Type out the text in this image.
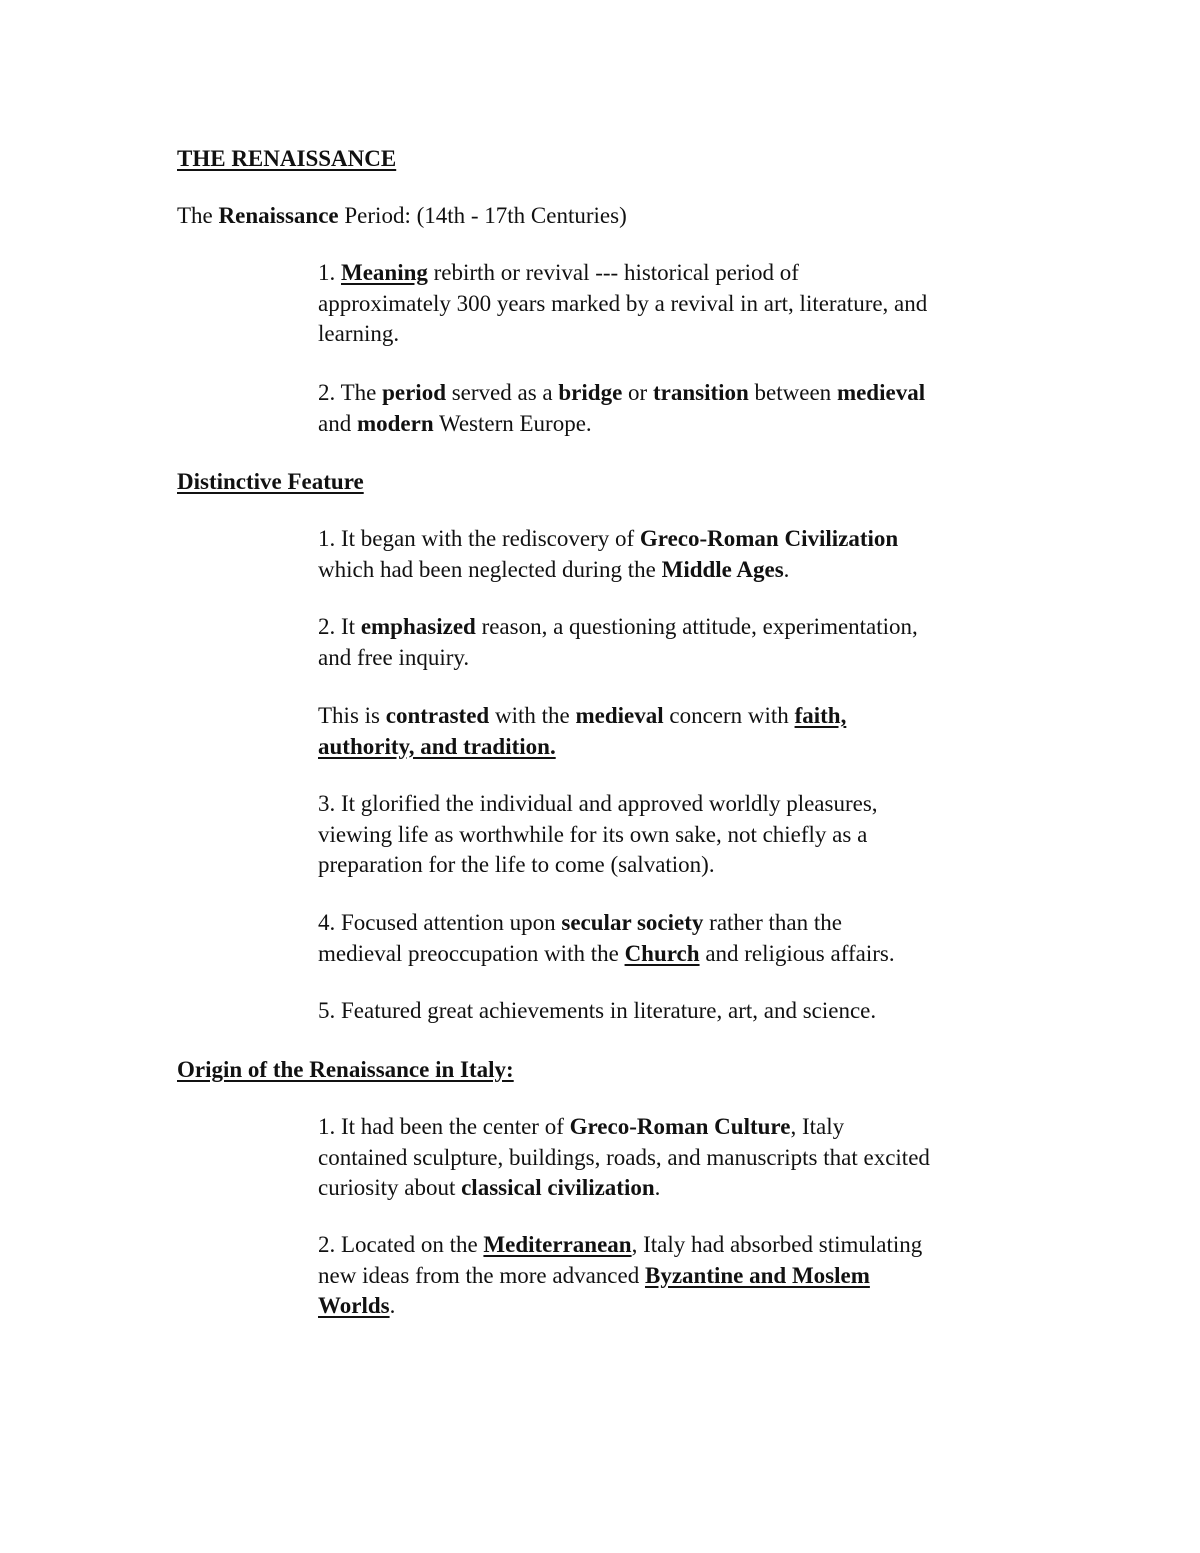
THE RENAISSANCE
The Renaissance Period: (14th - 17th Centuries)
1. Meaning rebirth or revival --- historical period of
approximately 300 years marked by a revival in art, literature, and
learning.
2. The period served as a bridge or transition between medieval
and modern Western Europe.
Distinctive Feature
1. It began with the rediscovery of Greco-Roman Civilization
which had been neglected during the Middle Ages.
2. It emphasized reason, a questioning attitude, experimentation,
and free inquiry.
This is contrasted with the medieval concern with faith,
authority, and tradition.
3. It glorified the individual and approved worldly pleasures,
viewing life as worthwhile for its own sake, not chiefly as a
preparation for the life to come (salvation).
4. Focused attention upon secular society rather than the
medieval preoccupation with the Church and religious affairs.
5. Featured great achievements in literature, art, and science.
Origin of the Renaissance in Italy:
1. It had been the center of Greco-Roman Culture, Italy
contained sculpture, buildings, roads, and manuscripts that excited
curiosity about classical civilization.
2. Located on the Mediterranean, Italy had absorbed stimulating
new ideas from the more advanced Byzantine and Moslem
Worlds.
